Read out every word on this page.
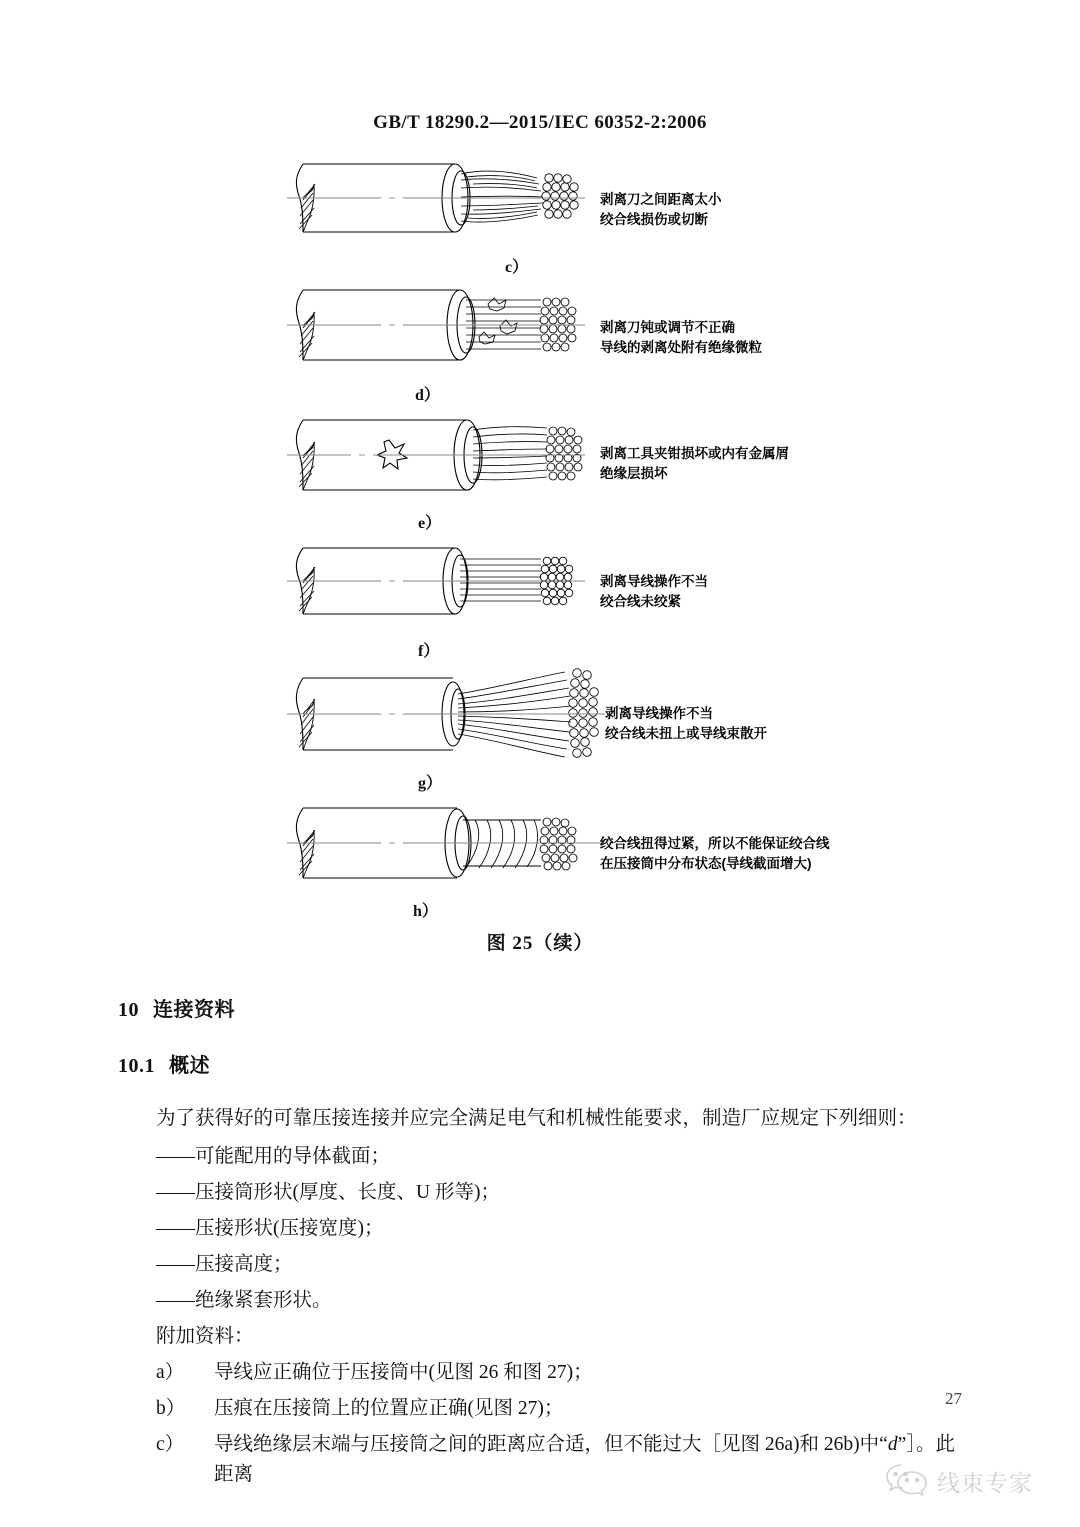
GB/T 18290.2—2015/IEC 60352-2:2006
剥离刀之间距离太小
绞合线损伤或切断
c）
剥离刀钝或调节不正确
导线的剥离处附有绝缘微粒
d）
剥离工具夹钳损坏或内有金属屑
绝缘层损坏
e）
剥离导线操作不当
绞合线未绞紧
f）
剥离导线操作不当
绞合线未扭上或导线束散开
g）
绞合线扭得过紧，所以不能保证绞合线
在压接筒中分布状态(导线截面增大)
h）
图 25（续）
10 连接资料
10.1 概述
为了获得好的可靠压接连接并应完全满足电气和机械性能要求，制造厂应规定下列细则：
——可能配用的导体截面；
——压接筒形状(厚度、长度、U 形等)；
——压接形状(压接宽度)；
——压接高度；
——绝缘紧套形状。
附加资料：
a）	导线应正确位于压接筒中(见图 26 和图 27)；
b）	压痕在压接筒上的位置应正确(见图 27)；
c）	导线绝缘层末端与压接筒之间的距离应合适，但不能过大［见图 26a)和 26b)中“d”］。此距离
27
线束专家
